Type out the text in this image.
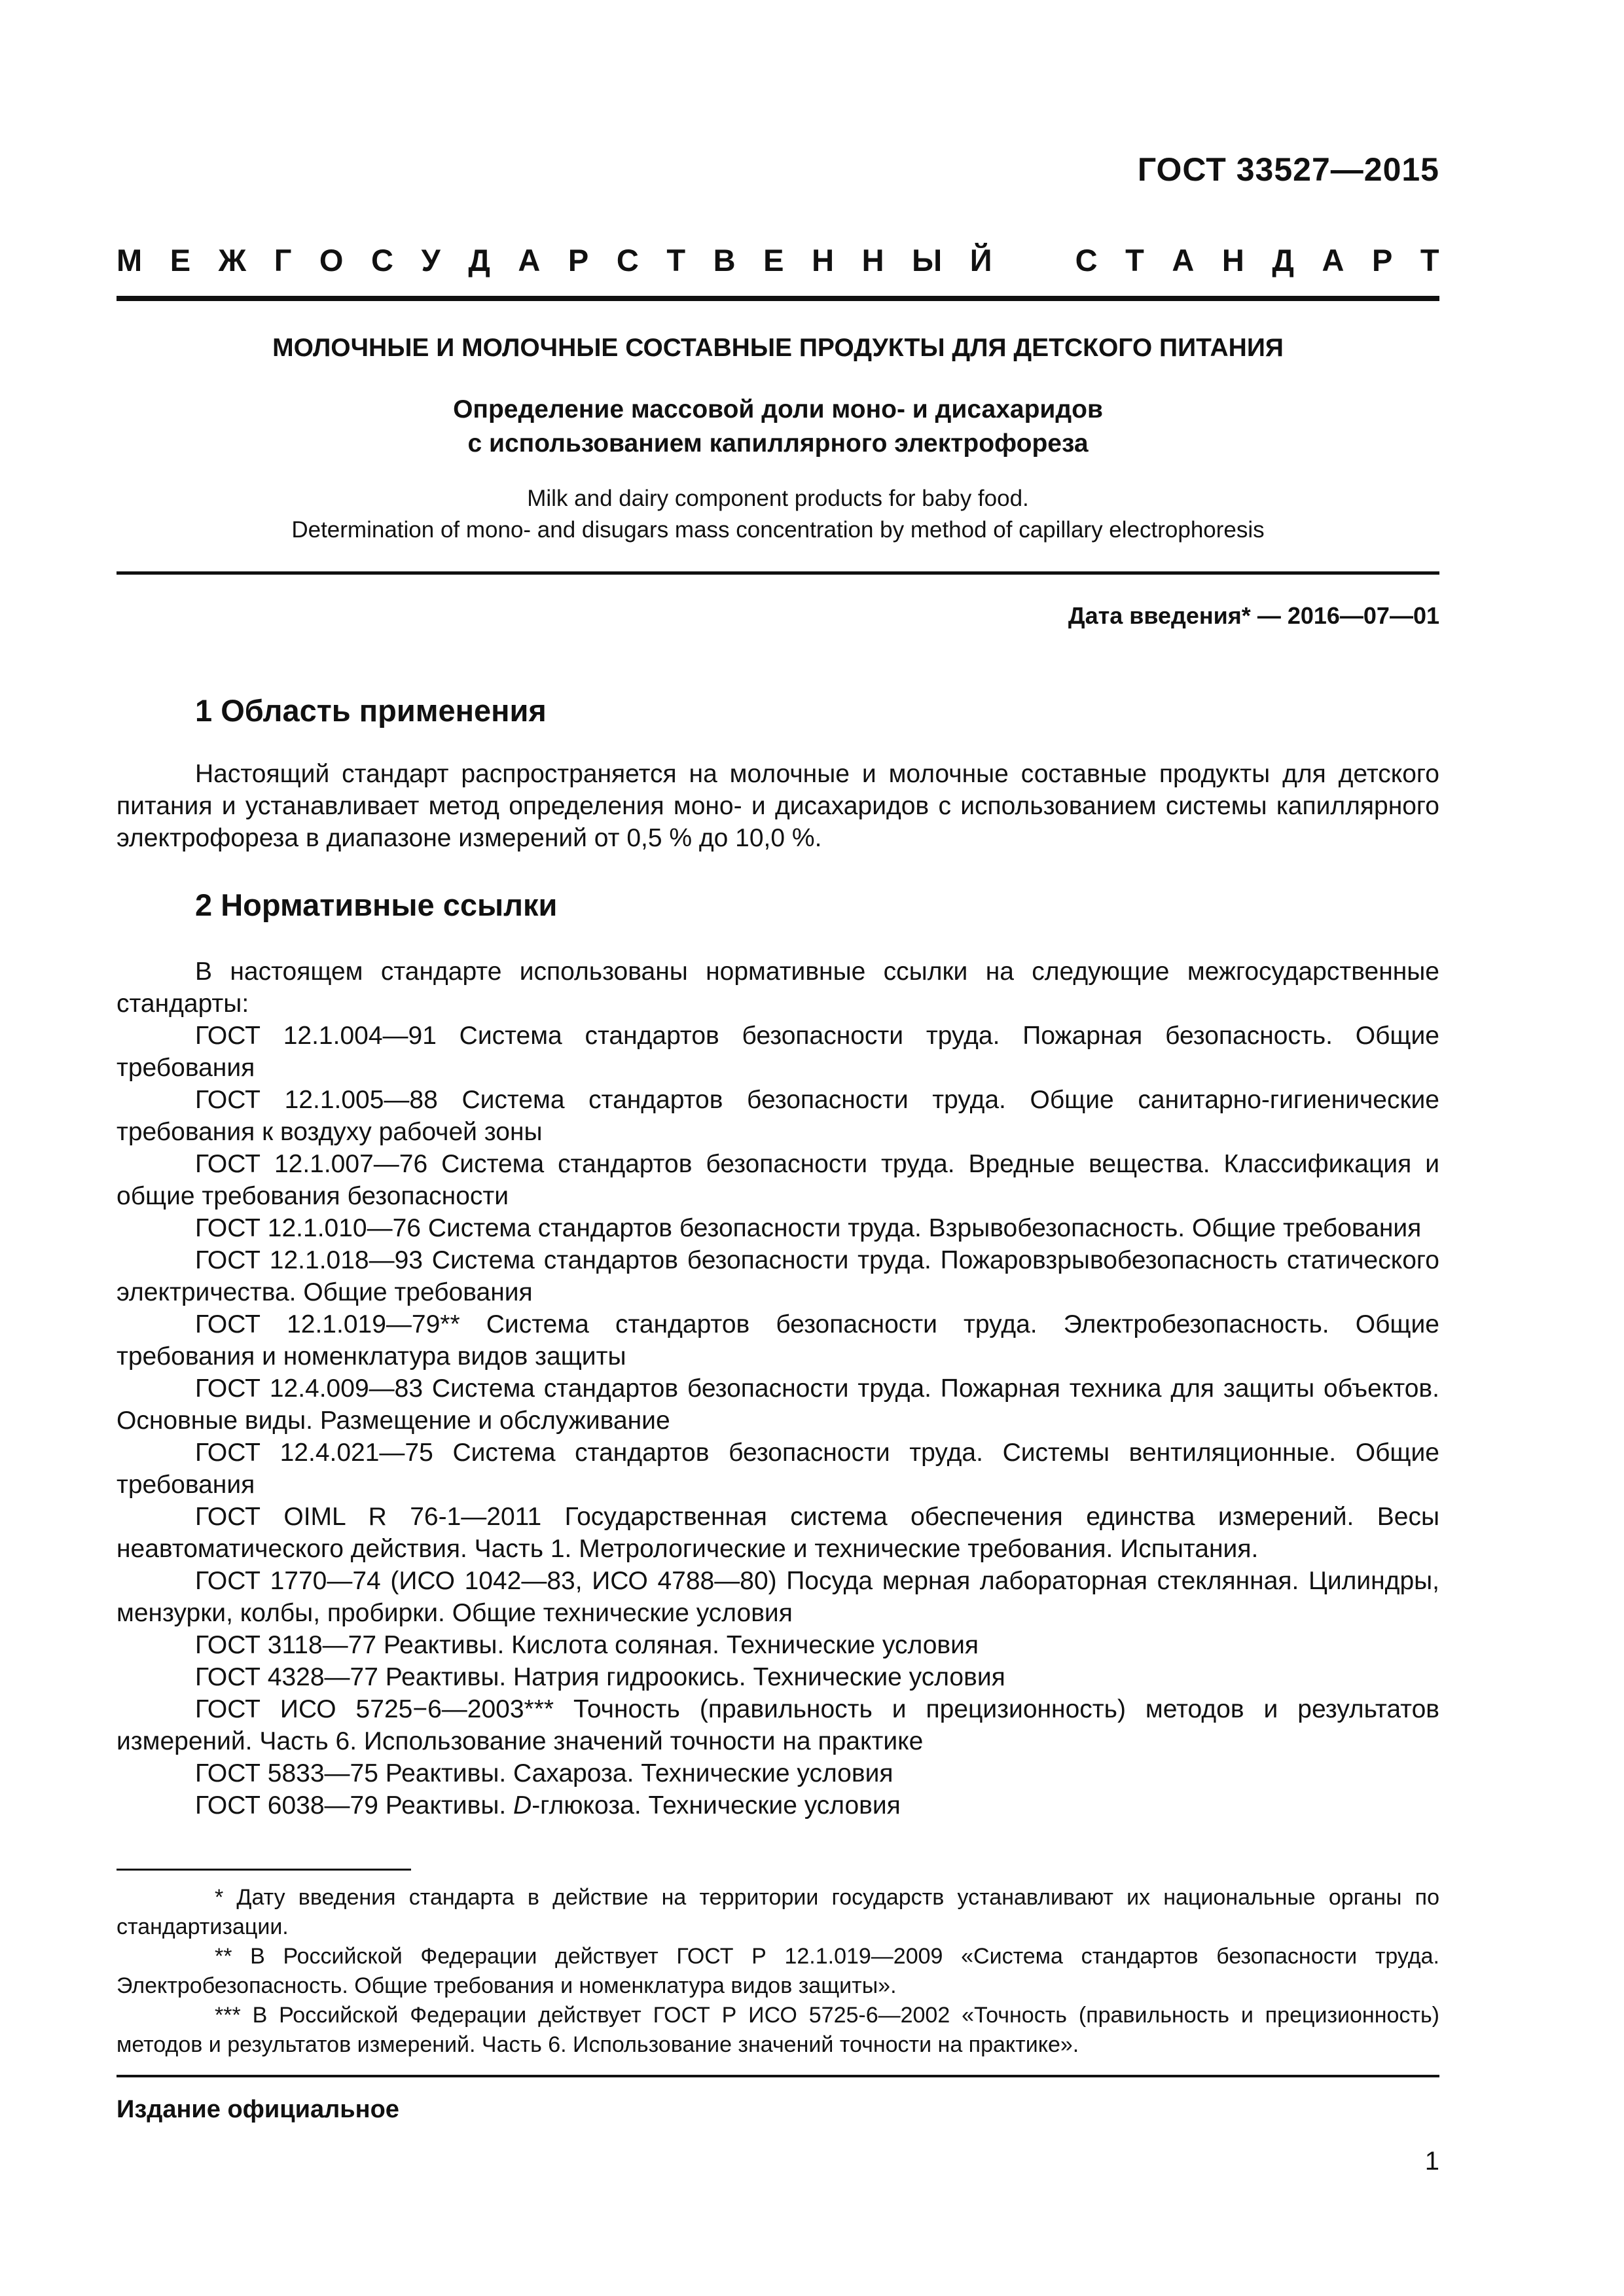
ГОСТ 33527—2015
М Е Ж Г О С У Д А Р С Т В Е Н Н Ы Й	С Т А Н Д А Р Т
МОЛОЧНЫЕ И МОЛОЧНЫЕ СОСТАВНЫЕ ПРОДУКТЫ ДЛЯ ДЕТСКОГО ПИТАНИЯ
Определение массовой доли моно- и дисахаридов
с использованием капиллярного электрофореза
Milk and dairy component products for baby food.
Determination of mono- and disugars mass concentration by method of capillary electrophoresis
Дата введения* — 2016—07—01
1 Область применения

Настоящий стандарт распространяется на молочные и молочные составные продукты для детского питания и устанавливает метод определения моно- и дисахаридов с использованием системы капиллярного электрофореза в диапазоне измерений от 0,5 % до 10,0 %.

2 Нормативные ссылки

В настоящем стандарте использованы нормативные ссылки на следующие межгосударственные стандарты:

ГОСТ 12.1.004—91 Система стандартов безопасности труда. Пожарная безопасность. Общие требования

ГОСТ 12.1.005—88 Система стандартов безопасности труда. Общие санитарно-гигиенические требования к воздуху рабочей зоны

ГОСТ 12.1.007—76 Система стандартов безопасности труда. Вредные вещества. Классификация и общие требования безопасности

ГОСТ 12.1.010—76 Система стандартов безопасности труда. Взрывобезопасность. Общие требования

ГОСТ 12.1.018—93 Система стандартов безопасности труда. Пожаровзрывобезопасность статического электричества. Общие требования

ГОСТ 12.1.019—79** Система стандартов безопасности труда. Электробезопасность. Общие требования и номенклатура видов защиты

ГОСТ 12.4.009—83 Система стандартов безопасности труда. Пожарная техника для защиты объектов. Основные виды. Размещение и обслуживание

ГОСТ 12.4.021—75 Система стандартов безопасности труда. Системы вентиляционные. Общие требования

ГОСТ OIML R 76-1—2011 Государственная система обеспечения единства измерений. Весы неавтоматического действия. Часть 1. Метрологические и технические требования. Испытания.

ГОСТ 1770—74 (ИСО 1042—83, ИСО 4788—80) Посуда мерная лабораторная стеклянная. Цилиндры, мензурки, колбы, пробирки. Общие технические условия

ГОСТ 3118—77 Реактивы. Кислота соляная. Технические условия

ГОСТ 4328—77 Реактивы. Натрия гидроокись. Технические условия

ГОСТ ИСО 5725−6—2003*** Точность (правильность и прецизионность) методов и результатов измерений. Часть 6. Использование значений точности на практике

ГОСТ 5833—75 Реактивы. Сахароза. Технические условия

ГОСТ 6038—79 Реактивы. D-глюкоза. Технические условия

* Дату введения стандарта в действие на территории государств устанавливают их национальные органы по стандартизации.

** В Российской Федерации действует ГОСТ Р 12.1.019—2009 «Система стандартов безопасности труда. Электробезопасность. Общие требования и номенклатура видов защиты».

*** В Российской Федерации действует ГОСТ Р ИСО 5725-6—2002 «Точность (правильность и прецизионность) методов и результатов измерений. Часть 6. Использование значений точности на практике».

Издание официальное
1
